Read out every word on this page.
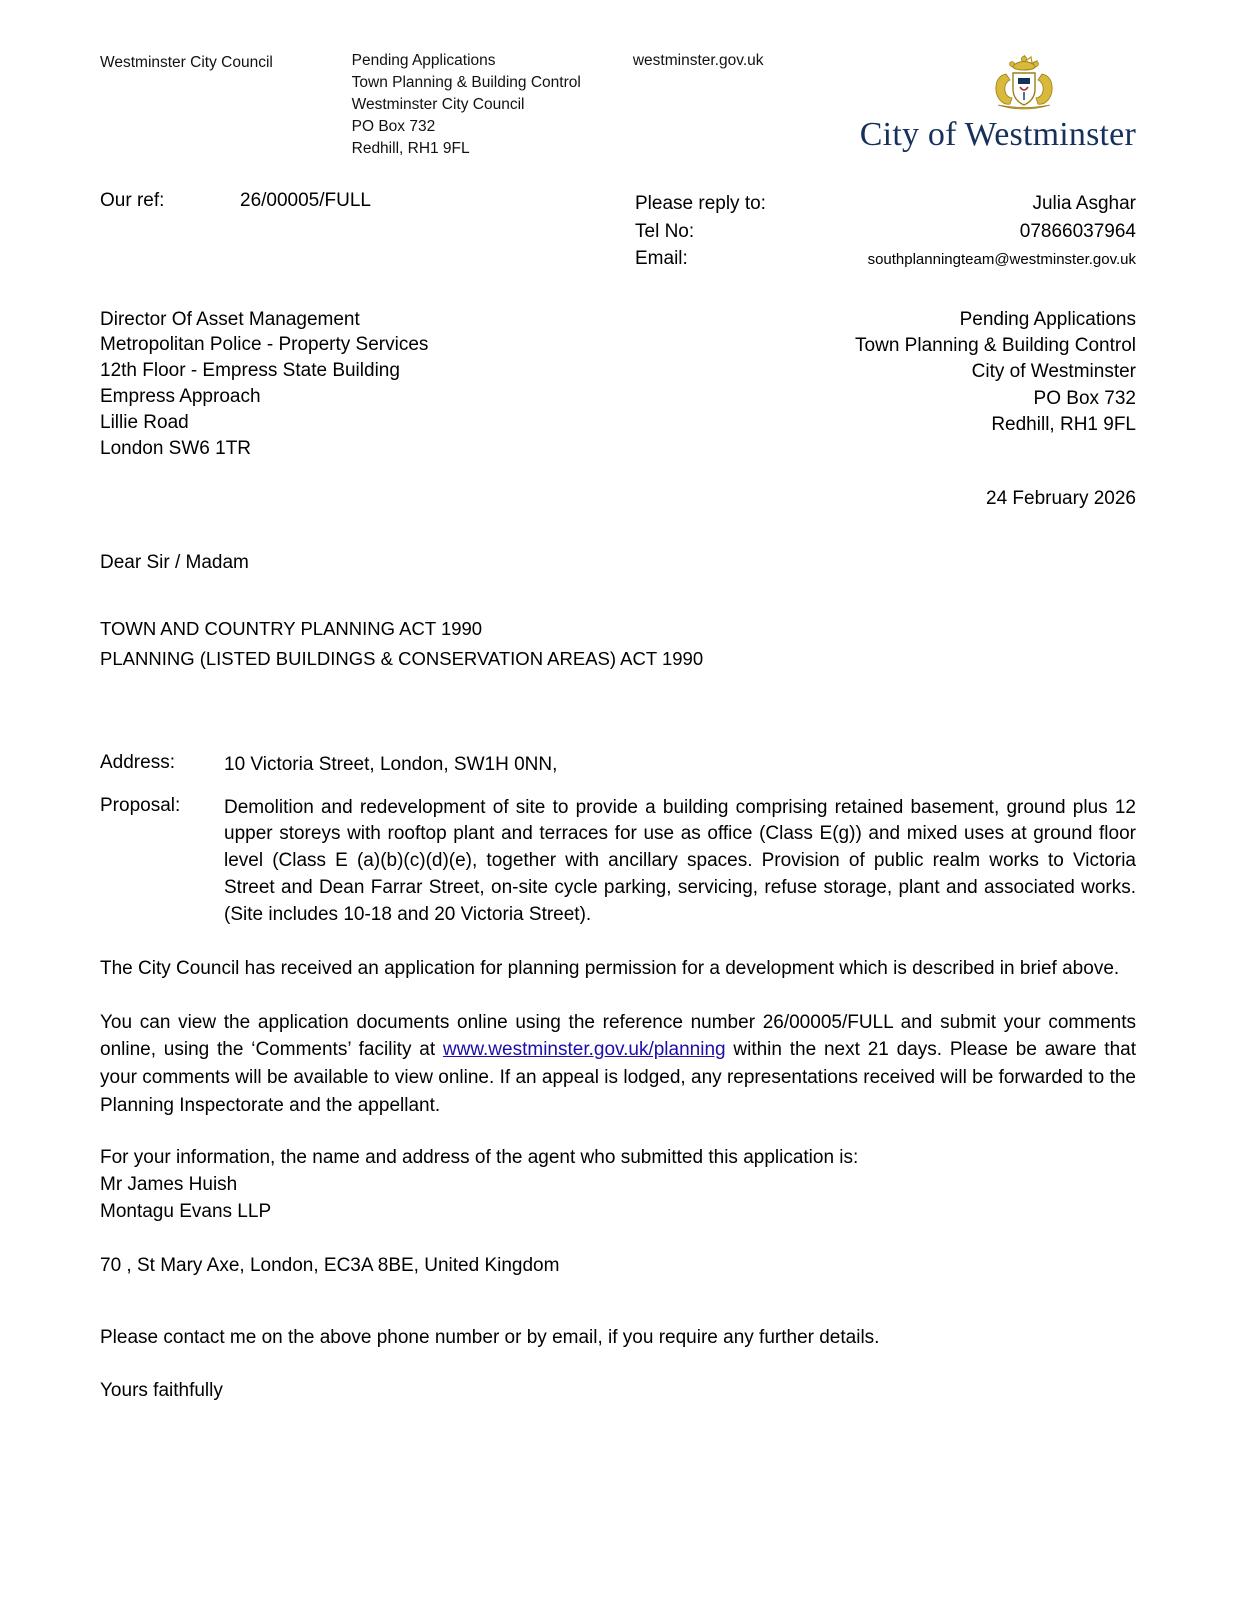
Westminster City Council	Pending Applications
Town Planning & Building Control
Westminster City Council
PO Box 732
Redhill, RH1 9FL
westminster.gov.uk
City of Westminster
Our ref:	26/00005/FULL	Please reply to:	Julia Asghar
Tel No:	07866037964
Email:	southplanningteam@westminster.gov.uk
Director Of Asset Management
Metropolitan Police - Property Services
12th Floor - Empress State Building
Empress Approach
Lillie Road
London SW6 1TR
Pending Applications
Town Planning & Building Control
City of Westminster
PO Box 732
Redhill, RH1 9FL
24 February 2026
Dear Sir / Madam
TOWN AND COUNTRY PLANNING ACT 1990
PLANNING (LISTED BUILDINGS & CONSERVATION AREAS) ACT 1990
Address:	10 Victoria Street, London, SW1H 0NN,
Proposal:	Demolition and redevelopment of site to provide a building comprising retained basement, ground plus 12 upper storeys with rooftop plant and terraces for use as office (Class E(g)) and mixed uses at ground floor level (Class E (a)(b)(c)(d)(e), together with ancillary spaces. Provision of public realm works to Victoria Street and Dean Farrar Street, on-site cycle parking, servicing, refuse storage, plant and associated works. (Site includes 10-18 and 20 Victoria Street).
The City Council has received an application for planning permission for a development which is described in brief above.
You can view the application documents online using the reference number 26/00005/FULL and submit your comments online, using the ‘Comments’ facility at www.westminster.gov.uk/planning within the next 21 days. Please be aware that your comments will be available to view online. If an appeal is lodged, any representations received will be forwarded to the Planning Inspectorate and the appellant.
For your information, the name and address of the agent who submitted this application is:
Mr James Huish
Montagu Evans LLP
70 , St Mary Axe, London, EC3A 8BE, United Kingdom
Please contact me on the above phone number or by email, if you require any further details.
Yours faithfully
